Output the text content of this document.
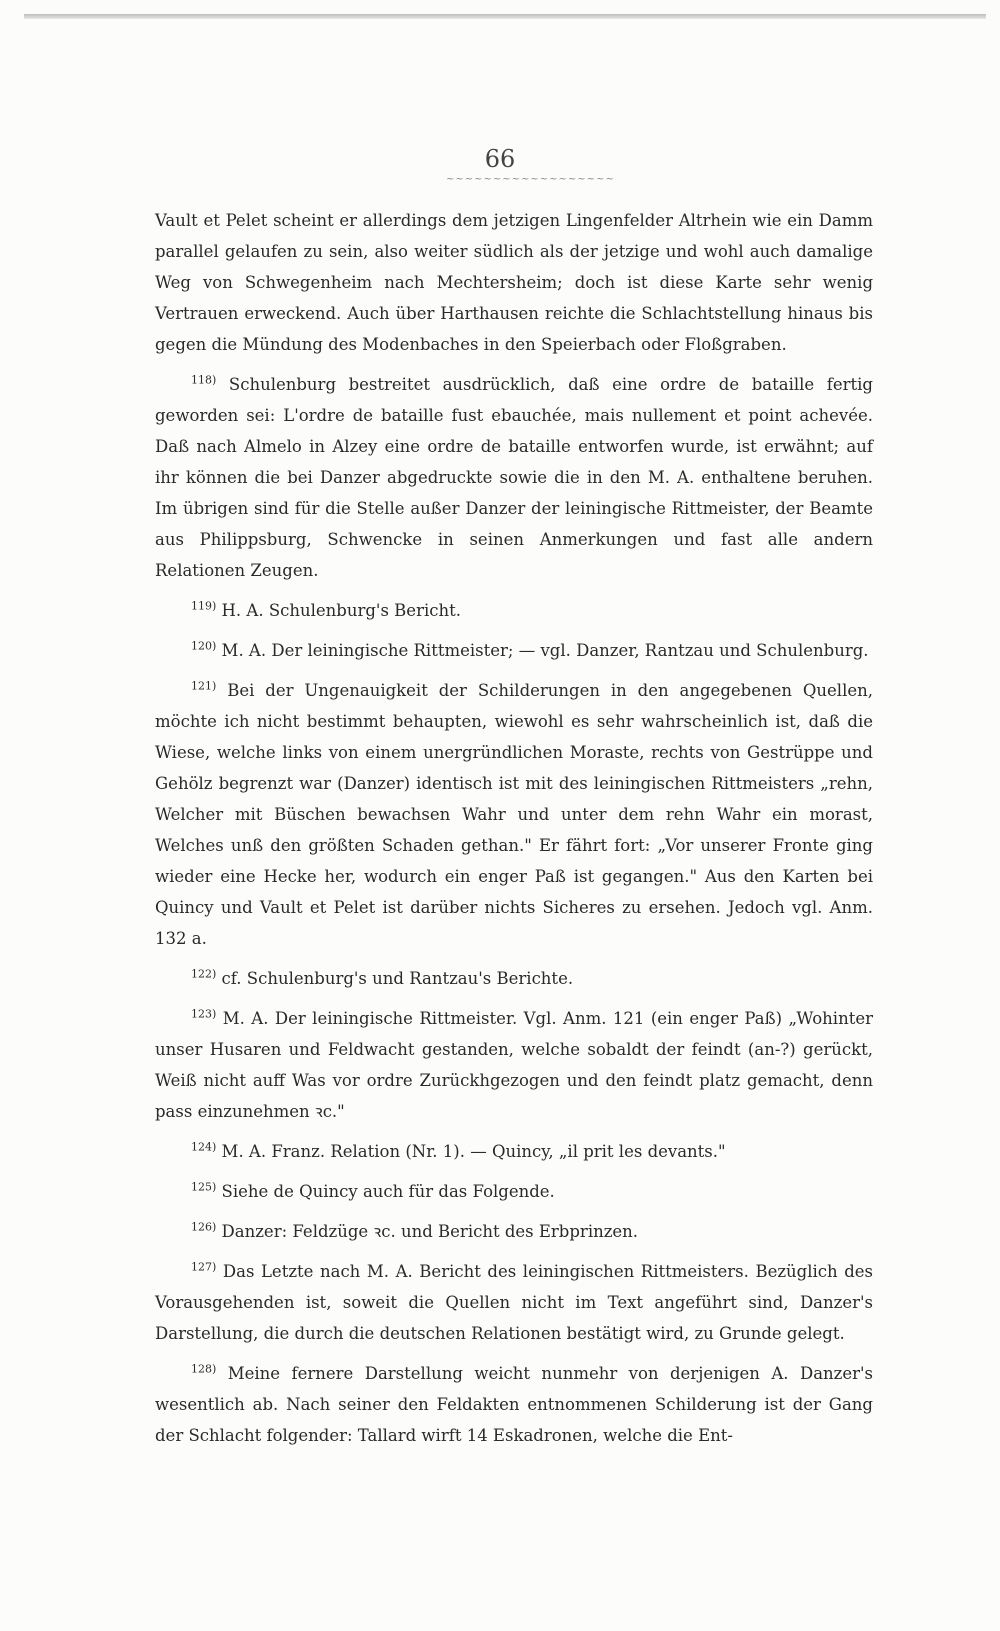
66
~~~~~~~~~~~~~~~~~~

Vault et Pelet scheint er allerdings dem jetzigen Lingenfelder Altrhein wie ein Damm parallel gelaufen zu sein, also weiter südlich als der jetzige und wohl auch damalige Weg von Schwegenheim nach Mechtersheim; doch ist diese Karte sehr wenig Vertrauen erweckend. Auch über Harthausen reichte die Schlachtstellung hinaus bis gegen die Mündung des Modenbaches in den Speierbach oder Floßgraben.

$^{118)}$ Schulenburg bestreitet ausdrücklich, daß eine ordre de bataille fertig geworden sei: L'ordre de bataille fust ebauchée, mais nullement et point achevée. Daß nach Almelo in Alzey eine ordre de bataille entworfen wurde, ist erwähnt; auf ihr können die bei Danzer abgedruckte sowie die in den M. A. enthaltene beruhen. Im übrigen sind für die Stelle außer Danzer der leiningische Rittmeister, der Beamte aus Philippsburg, Schwencke in seinen Anmerkungen und fast alle andern Relationen Zeugen.

$^{119)}$ H. A. Schulenburg's Bericht.

$^{120)}$ M. A. Der leiningische Rittmeister; — vgl. Danzer, Rantzau und Schulenburg.

$^{121)}$ Bei der Ungenauigkeit der Schilderungen in den angegebenen Quellen, möchte ich nicht bestimmt behaupten, wiewohl es sehr wahrscheinlich ist, daß die Wiese, welche links von einem unergründlichen Moraste, rechts von Gestrüppe und Gehölz begrenzt war (Danzer) identisch ist mit des leiningischen Rittmeisters „rehn, Welcher mit Büschen bewachsen Wahr und unter dem rehn Wahr ein morast, Welches unß den größten Schaden gethan." Er fährt fort: „Vor unserer Fronte ging wieder eine Hecke her, wodurch ein enger Paß ist gegangen." Aus den Karten bei Quincy und Vault et Pelet ist darüber nichts Sicheres zu ersehen. Jedoch vgl. Anm. 132 a.

$^{122)}$ cf. Schulenburg's und Rantzau's Berichte.

$^{123)}$ M. A. Der leiningische Rittmeister. Vgl. Anm. 121 (ein enger Paß) „Wohinter unser Husaren und Feldwacht gestanden, welche sobaldt der feindt (an-?) gerückt, Weiß nicht auff Was vor ordre Zurückhgezogen und den feindt platz gemacht, denn pass einzunehmen ꝛc."

$^{124)}$ M. A. Franz. Relation (Nr. 1). — Quincy, „il prit les devants."

$^{125)}$ Siehe de Quincy auch für das Folgende.

$^{126)}$ Danzer: Feldzüge ꝛc. und Bericht des Erbprinzen.

$^{127)}$ Das Letzte nach M. A. Bericht des leiningischen Rittmeisters. Bezüglich des Vorausgehenden ist, soweit die Quellen nicht im Text angeführt sind, Danzer's Darstellung, die durch die deutschen Relationen bestätigt wird, zu Grunde gelegt.

$^{128)}$ Meine fernere Darstellung weicht nunmehr von derjenigen A. Danzer's wesentlich ab. Nach seiner den Feldakten entnommenen Schilderung ist der Gang der Schlacht folgender: Tallard wirft 14 Eskadronen, welche die Ent-
